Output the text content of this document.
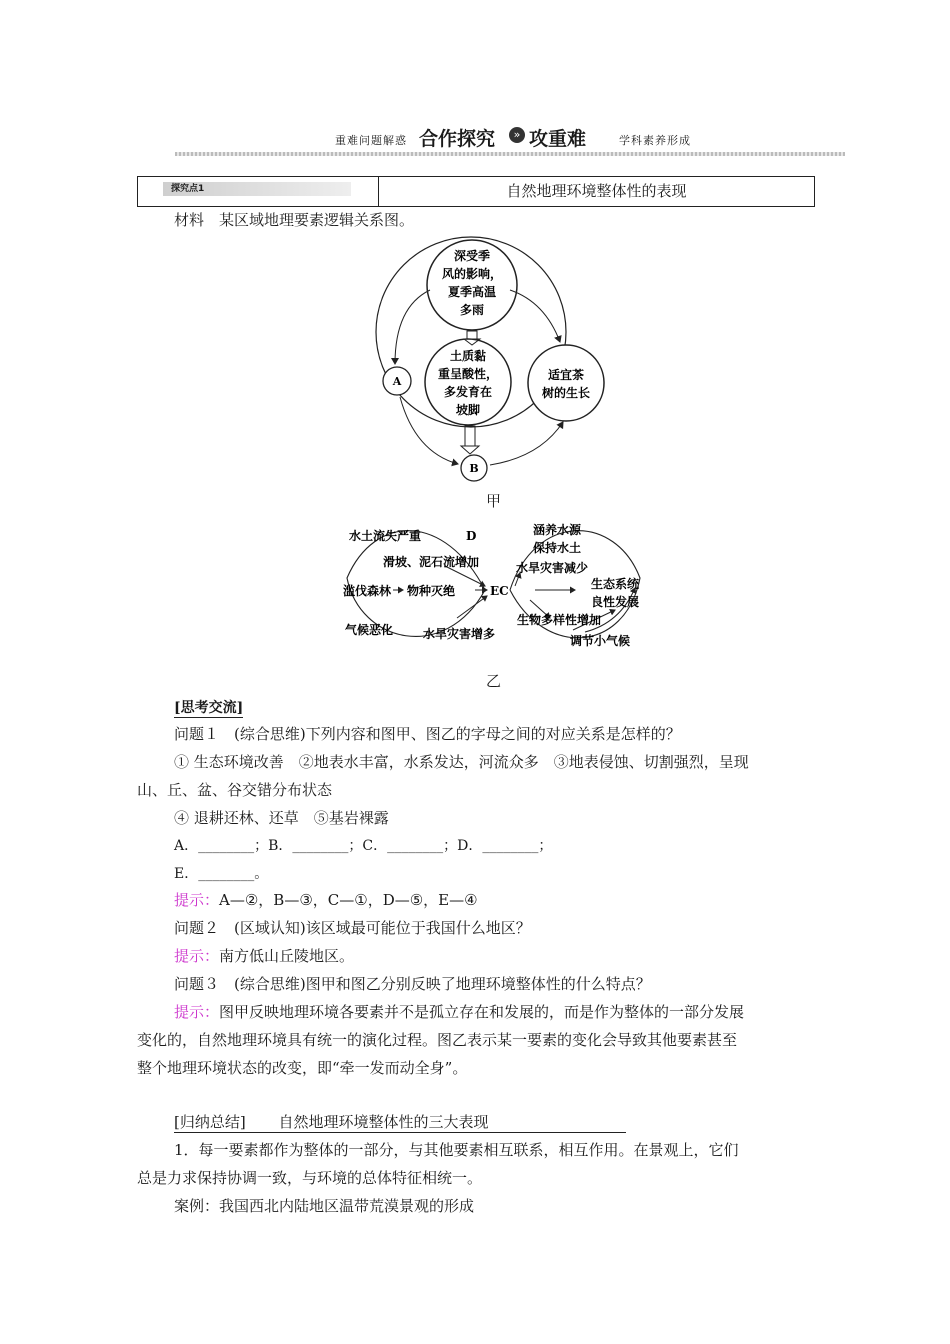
重难问题解惑 合作探究	» 攻重难	学科素养形成
探究点1	自然地理环境整体性的表现
材料　某区域地理要素逻辑关系图。
深受季
风的影响，
夏季高温
多雨
土质黏
重呈酸性，
多发育在
坡脚
适宜茶
树的生长
A
B
甲
水土流失严重	D
滑坡、泥石流增加
滥伐森林 物种灭绝	EC
气候恶化 水旱灾害增多
涵养水源
保持水土
水旱灾害减少
生态系统
良性发展
生物多样性增加
调节小气候
乙
[思考交流]
问题１　(综合思维)下列内容和图甲、图乙的字母之间的对应关系是怎样的？
① 生态环境改善　②地表水丰富，水系发达，河流众多　③地表侵蚀、切割强烈，呈现
山、丘、盆、谷交错分布状态
④ 退耕还林、还草　⑤基岩裸露
A．________；B．________；C．________；D．________；
E．________。
提示：A—②，B—③，C—①，D—⑤，E—④
问题２　(区域认知)该区域最可能位于我国什么地区？
提示：南方低山丘陵地区。
问题３　(综合思维)图甲和图乙分别反映了地理环境整体性的什么特点？
提示：图甲反映地理环境各要素并不是孤立存在和发展的，而是作为整体的一部分发展
变化的，自然地理环境具有统一的演化过程。图乙表示某一要素的变化会导致其他要素甚至
整个地理环境状态的改变，即“牵一发而动全身”。
[归纳总结] 自然地理环境整体性的三大表现
1．每一要素都作为整体的一部分，与其他要素相互联系，相互作用。在景观上，它们
总是力求保持协调一致，与环境的总体特征相统一。
案例：我国西北内陆地区温带荒漠景观的形成
